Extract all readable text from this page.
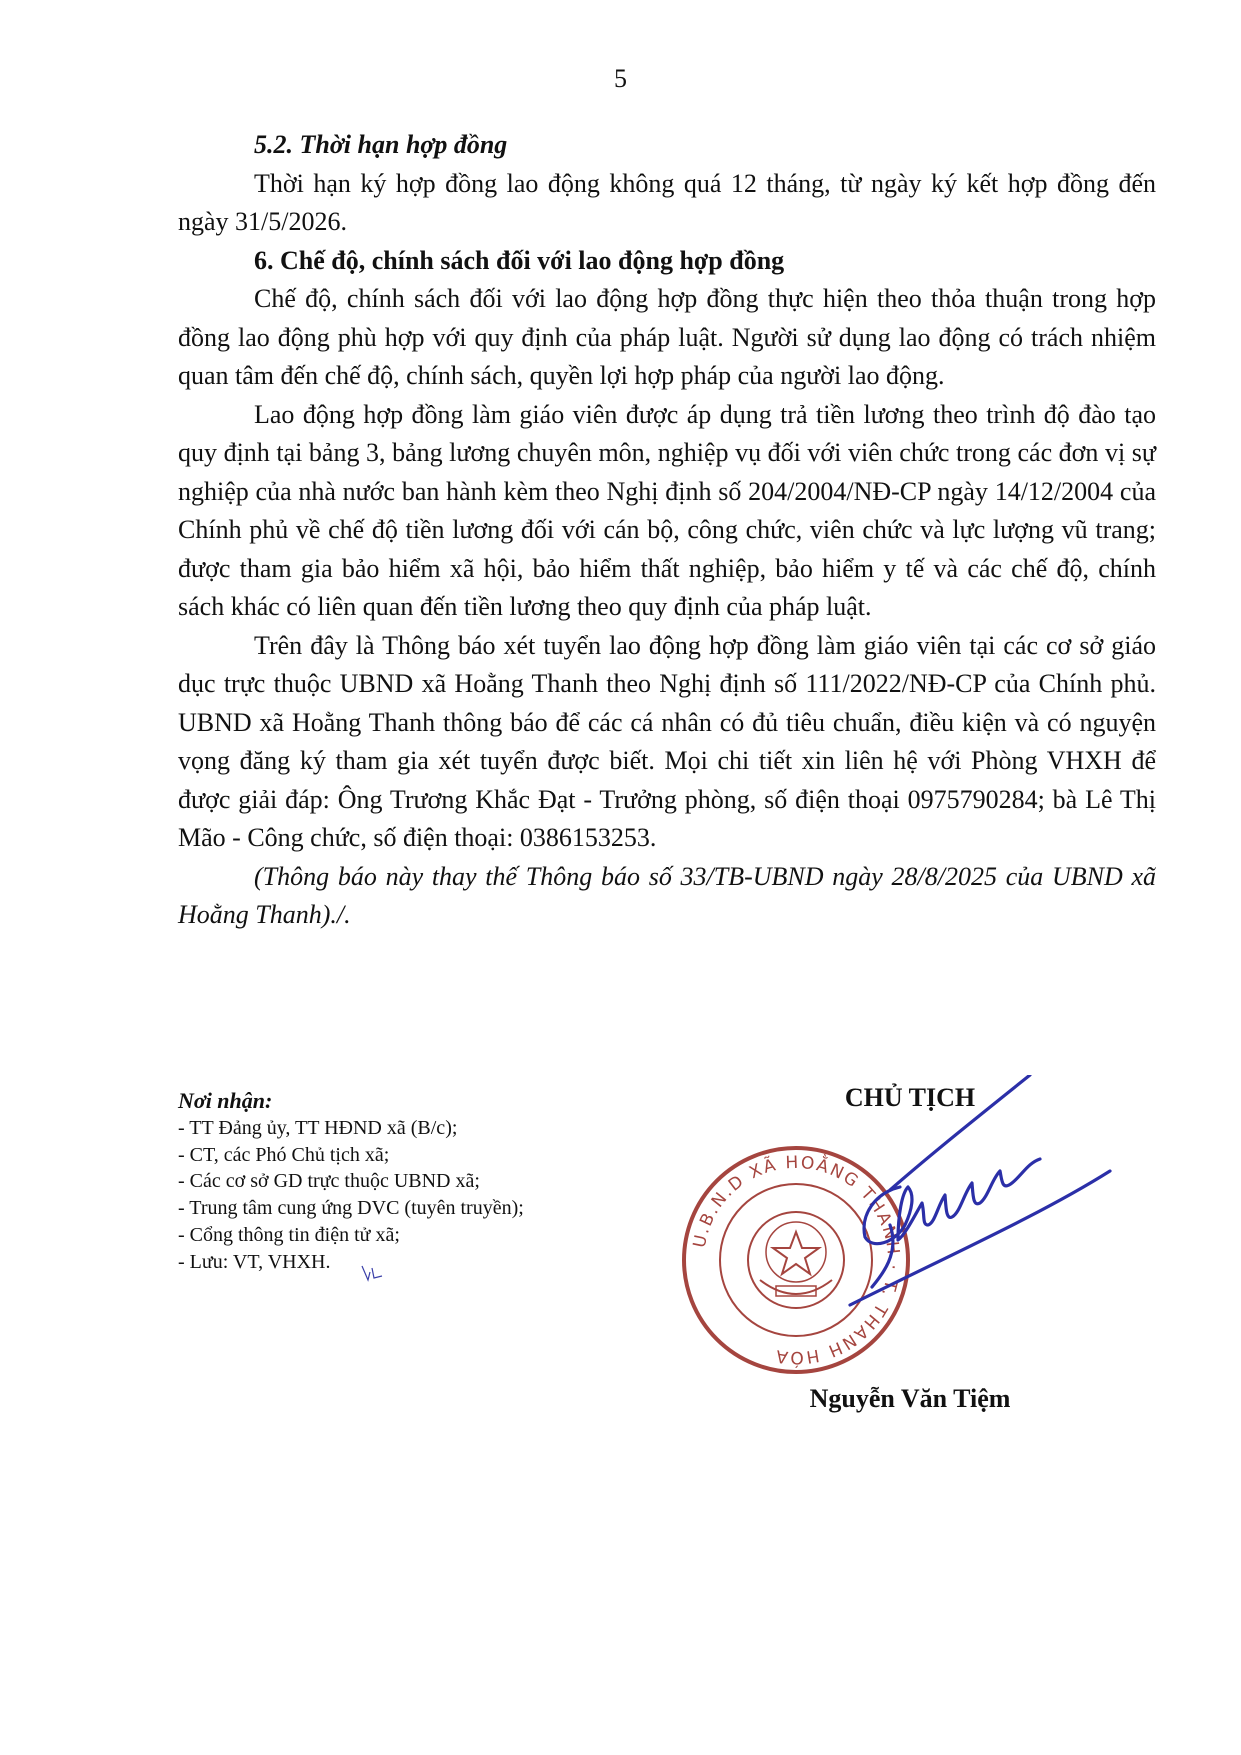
5

5.2. Thời hạn hợp đồng

Thời hạn ký hợp đồng lao động không quá 12 tháng, từ ngày ký kết hợp đồng đến ngày 31/5/2026.

6. Chế độ, chính sách đối với lao động hợp đồng

Chế độ, chính sách đối với lao động hợp đồng thực hiện theo thỏa thuận trong hợp đồng lao động phù hợp với quy định của pháp luật. Người sử dụng lao động có trách nhiệm quan tâm đến chế độ, chính sách, quyền lợi hợp pháp của người lao động.

Lao động hợp đồng làm giáo viên được áp dụng trả tiền lương theo trình độ đào tạo quy định tại bảng 3, bảng lương chuyên môn, nghiệp vụ đối với viên chức trong các đơn vị sự nghiệp của nhà nước ban hành kèm theo Nghị định số 204/2004/NĐ-CP ngày 14/12/2004 của Chính phủ về chế độ tiền lương đối với cán bộ, công chức, viên chức và lực lượng vũ trang; được tham gia bảo hiểm xã hội, bảo hiểm thất nghiệp, bảo hiểm y tế và các chế độ, chính sách khác có liên quan đến tiền lương theo quy định của pháp luật.

Trên đây là Thông báo xét tuyển lao động hợp đồng làm giáo viên tại các cơ sở giáo dục trực thuộc UBND xã Hoằng Thanh theo Nghị định số 111/2022/NĐ-CP của Chính phủ. UBND xã Hoằng Thanh thông báo để các cá nhân có đủ tiêu chuẩn, điều kiện và có nguyện vọng đăng ký tham gia xét tuyển được biết. Mọi chi tiết xin liên hệ với Phòng VHXH để được giải đáp: Ông Trương Khắc Đạt - Trưởng phòng, số điện thoại 0975790284; bà Lê Thị Mão - Công chức, số điện thoại: 0386153253.

(Thông báo này thay thế Thông báo số 33/TB-UBND ngày 28/8/2025 của UBND xã Hoằng Thanh)./.

Nơi nhận:
- TT Đảng ủy, TT HĐND xã (B/c);
- CT, các Phó Chủ tịch xã;
- Các cơ sở GD trực thuộc UBND xã;
- Trung tâm cung ứng DVC (tuyên truyền);
- Cổng thông tin điện tử xã;
- Lưu: VT, VHXH.
CHỦ TỊCH
U.B.N.D XÃ HOẰNG THANH · T. THANH HÓA
Nguyễn Văn Tiệm
